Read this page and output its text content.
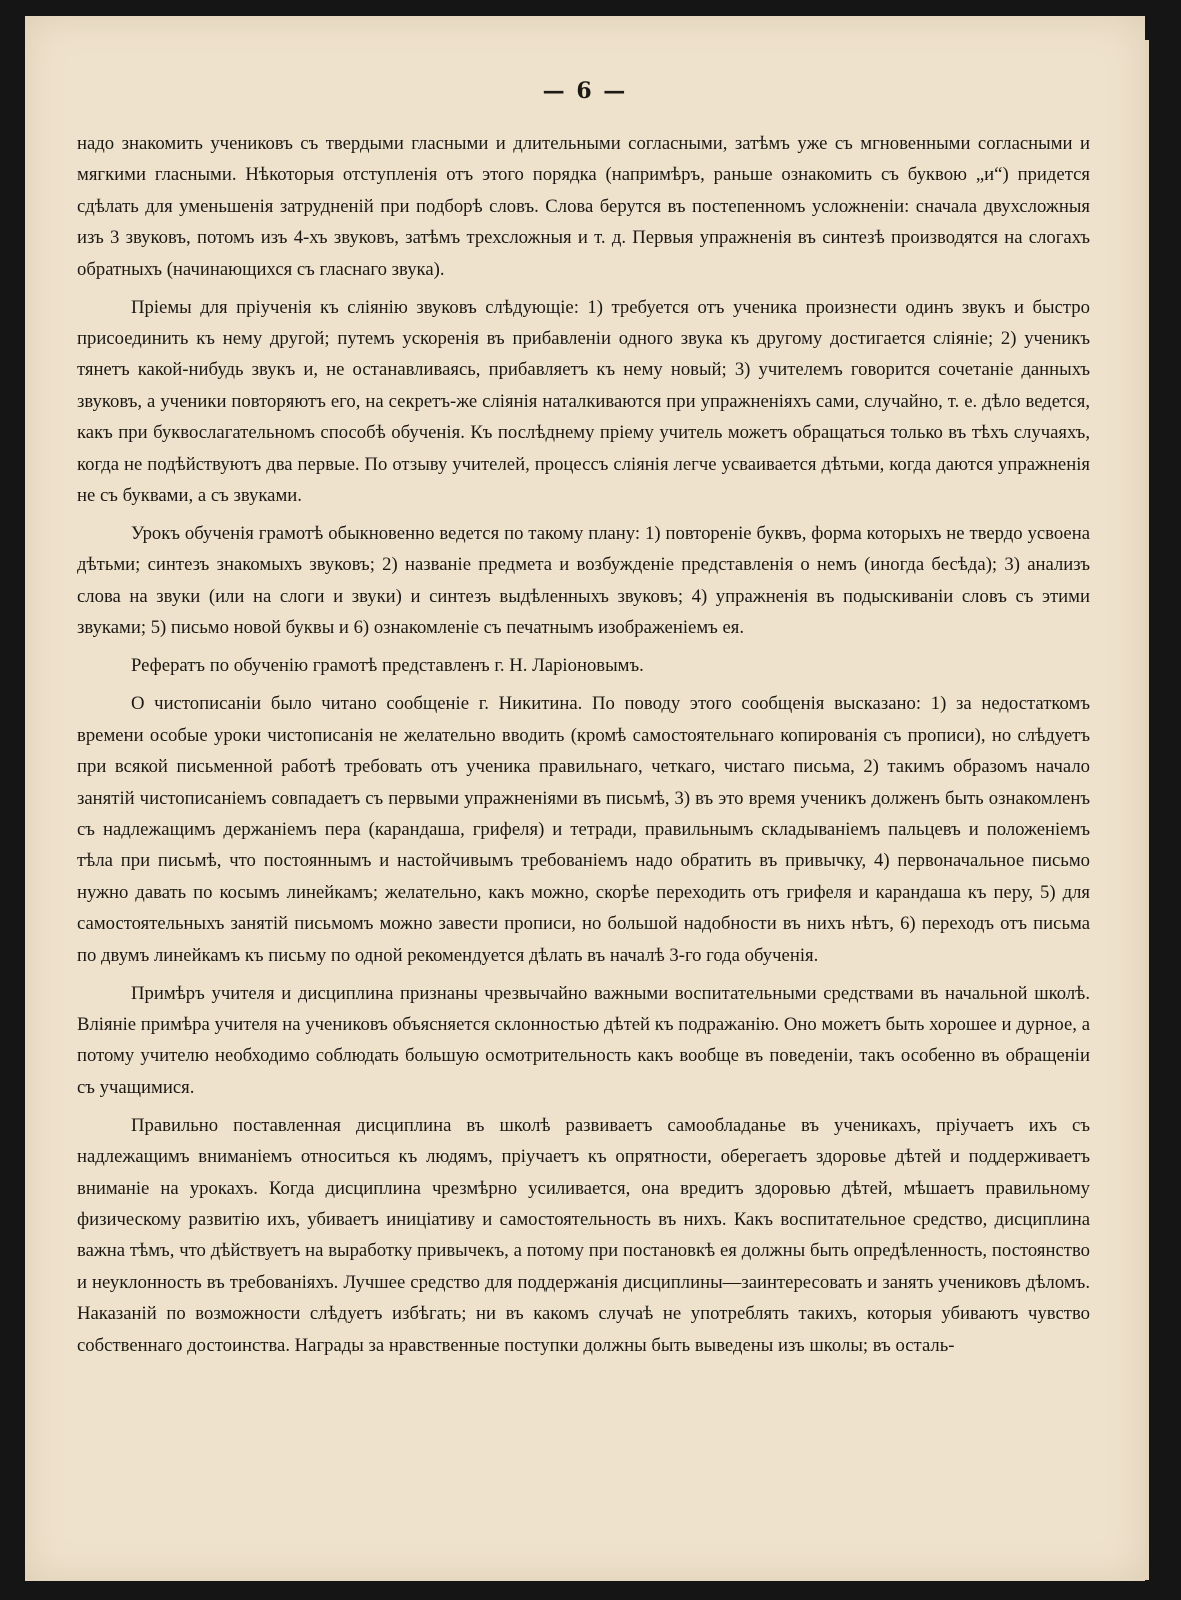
— 6 —

надо знакомить учениковъ съ твердыми гласными и длительными согласными, затѣмъ уже съ мгновенными согласными и мягкими гласными. Нѣкоторыя отступленія отъ этого порядка (напримѣръ, раньше ознакомить съ буквою „и“) придется сдѣлать для уменьшенія затрудненій при подборѣ словъ. Слова берутся въ постепенномъ усложненіи: сначала двухсложныя изъ 3 звуковъ, потомъ изъ 4-хъ звуковъ, затѣмъ трехсложныя и т. д. Первыя упражненія въ синтезѣ производятся на слогахъ обратныхъ (начинающихся съ гласнаго звука).

Пріемы для пріученія къ слiянію звуковъ слѣдующіе: 1) требуется отъ ученика произнести одинъ звукъ и быстро присоединить къ нему другой; путемъ ускоренія въ прибавленіи одного звука къ другому достигается сліяніе; 2) ученикъ тянетъ какой-нибудь звукъ и, не останавливаясь, прибавляетъ къ нему новый; 3) учителемъ говорится сочетаніе данныхъ звуковъ, а ученики повторяютъ его, на секретъ-же сліянія наталкиваются при упражненіяхъ сами, случайно, т. е. дѣло ведется, какъ при буквослагательномъ способѣ обученія. Къ послѣднему пріему учитель можетъ обращаться только въ тѣхъ случаяхъ, когда не подѣйствуютъ два первые. По отзыву учителей, процессъ сліянія легче усваивается дѣтьми, когда даются упражненія не съ буквами, а съ звуками.

Урокъ обученія грамотѣ обыкновенно ведется по такому плану: 1) повтореніе буквъ, форма которыхъ не твердо усвоена дѣтьми; синтезъ знакомыхъ звуковъ; 2) названіе предмета и возбужденіе представленія о немъ (иногда бесѣда); 3) анализъ слова на звуки (или на слоги и звуки) и синтезъ выдѣленныхъ звуковъ; 4) упражненія въ подыскиваніи словъ съ этими звуками; 5) письмо новой буквы и 6) ознакомленіе съ печатнымъ изображеніемъ ея.

Рефератъ по обученію грамотѣ представленъ г. Н. Ларіоновымъ.

О чистописаніи было читано сообщеніе г. Никитина. По поводу этого сообщенія высказано: 1) за недостаткомъ времени особые уроки чистописанія не желательно вводить (кромѣ самостоятельнаго копированія съ прописи), но слѣдуетъ при всякой письменной работѣ требовать отъ ученика правильнаго, четкаго, чистаго письма, 2) такимъ образомъ начало занятій чистописаніемъ совпадаетъ съ первыми упражненіями въ письмѣ, 3) въ это время ученикъ долженъ быть ознакомленъ съ надлежащимъ держаніемъ пера (карандаша, грифеля) и тетради, правильнымъ складываніемъ пальцевъ и положеніемъ тѣла при письмѣ, что постояннымъ и настойчивымъ требованіемъ надо обратить въ привычку, 4) первоначальное письмо нужно давать по косымъ линейкамъ; желательно, какъ можно, скорѣе переходить отъ грифеля и карандаша къ перу, 5) для самостоятельныхъ занятій письмомъ можно завести прописи, но большой надобности въ нихъ нѣтъ, 6) переходъ отъ письма по двумъ линейкамъ къ письму по одной рекомендуется дѣлать въ началѣ 3-го года обученія.

Примѣръ учителя и дисциплина признаны чрезвычайно важными воспитательными средствами въ начальной школѣ. Вліяніе примѣра учителя на учениковъ объясняется склонностью дѣтей къ подражанію. Оно можетъ быть хорошее и дурное, а потому учителю необходимо соблюдать большую осмотрительность какъ вообще въ поведеніи, такъ особенно въ обращеніи съ учащимися.

Правильно поставленная дисциплина въ школѣ развиваетъ самообладанье въ ученикахъ, пріучаетъ ихъ съ надлежащимъ вниманіемъ относиться къ людямъ, пріучаетъ къ опрятности, оберегаетъ здоровье дѣтей и поддерживаетъ вниманіе на урокахъ. Когда дисциплина чрезмѣрно усиливается, она вредитъ здоровью дѣтей, мѣшаетъ правильному физическому развитію ихъ, убиваетъ иниціативу и самостоятельность въ нихъ. Какъ воспитательное средство, дисциплина важна тѣмъ, что дѣйствуетъ на выработку привычекъ, а потому при постановкѣ ея должны быть опредѣленность, постоянство и неуклонность въ требованіяхъ. Лучшее средство для поддержанія дисциплины—заинтересовать и занять учениковъ дѣломъ. Наказаній по возможности слѣдуетъ избѣгать; ни въ какомъ случаѣ не употреблять такихъ, которыя убиваютъ чувство собственнаго достоинства. Награды за нравственные поступки должны быть выведены изъ школы; въ осталь-
